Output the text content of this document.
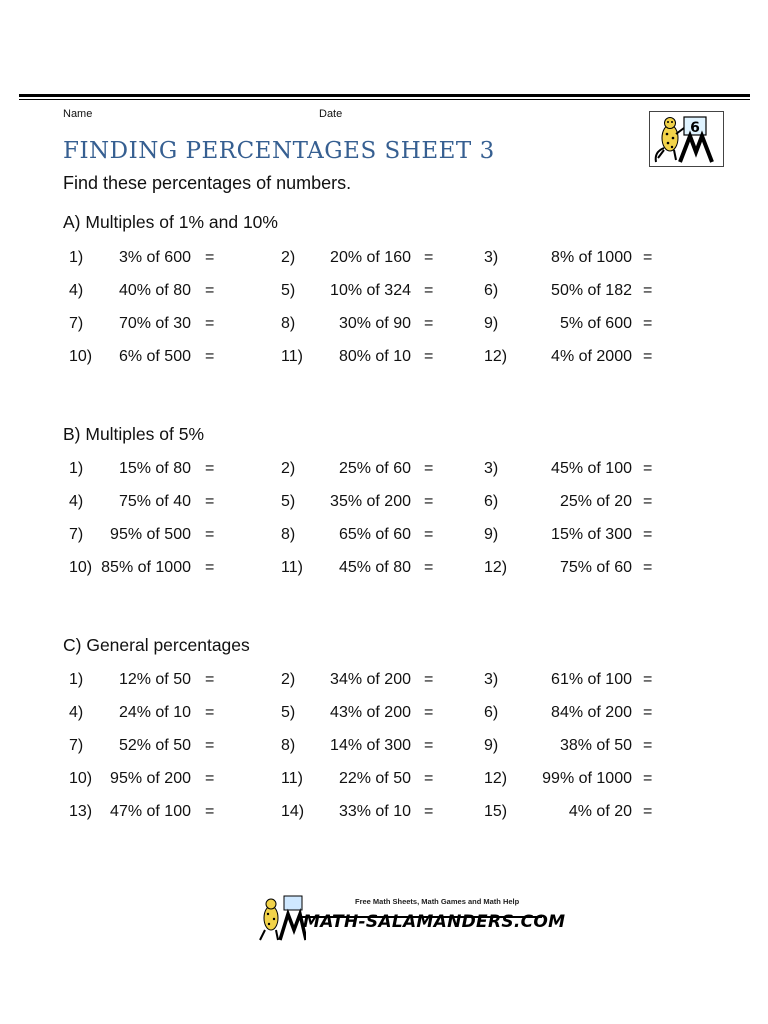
Name	Date
6
FINDING PERCENTAGES SHEET 3
Find these percentages of numbers.
A) Multiples of 1% and 10%
B) Multiples of 5%
C) General percentages
1)	3% of 600 =	2)	20% of 160 =	3)	8% of 1000 =
4)	40% of 80 =	5)	10% of 324 =	6)	50% of 182 =
7)	70% of 30 =	8)	30% of 90 =	9)	5% of 600 =
10)	6% of 500 =	11)	80% of 10 =	12)	4% of 2000 =
1)	15% of 80 =	2)	25% of 60 =	3)	45% of 100 =
4)	75% of 40 =	5)	35% of 200 =	6)	25% of 20 =
7)	95% of 500 =	8)	65% of 60 =	9)	15% of 300 =
10) 85% of 1000 =	11)	45% of 80 =	12)	75% of 60 =
1)	12% of 50 =	2)	34% of 200 =	3)	61% of 100 =
4)	24% of 10 =	5)	43% of 200 =	6)	84% of 200 =
7)	52% of 50 =	8)	14% of 300 =	9)	38% of 50 =
10)	95% of 200 =	11)	22% of 50 =	12)	99% of 1000 =
13)	47% of 100 =	14)	33% of 10 =	15)	4% of 20 =
Free Math Sheets, Math Games and Math Help
MATH-SALAMANDERS.COM
